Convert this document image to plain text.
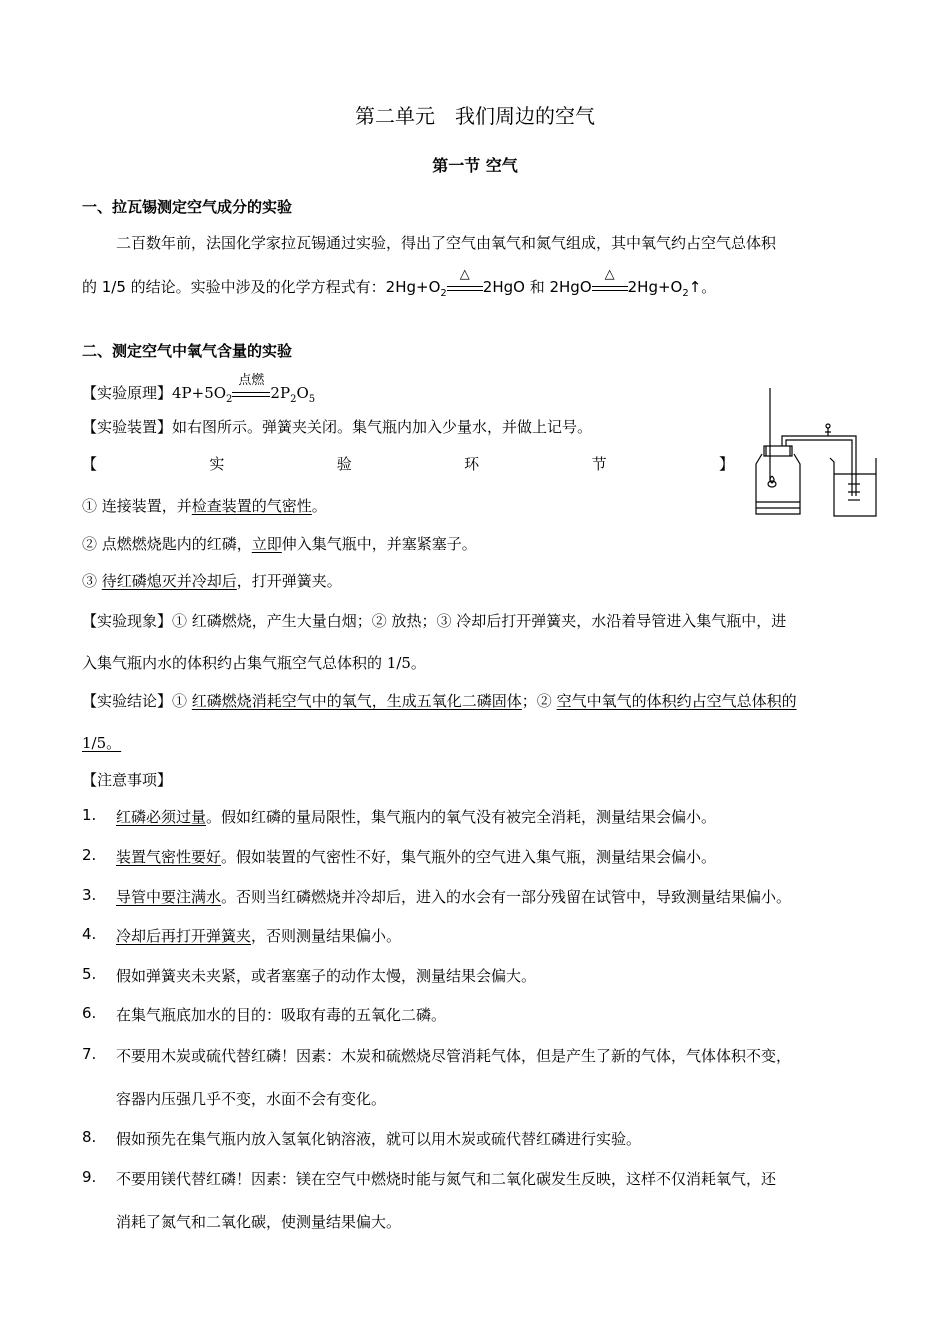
第二单元　我们周边的空气
第一节 空气
一、拉瓦锡测定空气成分的实验
二百数年前，法国化学家拉瓦锡通过实验，得出了空气由氧气和氮气组成，其中氧气约占空气总体积
的 1/5 的结论。实验中涉及的化学方程式有：$2Hg+O_2$
△
2HgO 和 2HgO
△
$2Hg+O_2↑$。
二、测定空气中氧气含量的实验
【实验原理】$4P+5O_2$
点燃
$2P_2O_5$
【实验装置】如右图所示。弹簧夹关闭。集气瓶内加入少量水，并做上记号。
【	实	验	环	节	】
① 连接装置，并检查装置的气密性。
② 点燃燃烧匙内的红磷，立即伸入集气瓶中，并塞紧塞子。
③ 待红磷熄灭并冷却后，打开弹簧夹。
【实验现象】① 红磷燃烧，产生大量白烟；② 放热；③ 冷却后打开弹簧夹，水沿着导管进入集气瓶中，进
入集气瓶内水的体积约占集气瓶空气总体积的 1/5。
【实验结论】① 红磷燃烧消耗空气中的氧气，生成五氧化二磷固体；② 空气中氧气的体积约占空气总体积的
1/5。
【注意事项】
1.	红磷必须过量。假如红磷的量局限性，集气瓶内的氧气没有被完全消耗，测量结果会偏小。
2.	装置气密性要好。假如装置的气密性不好，集气瓶外的空气进入集气瓶，测量结果会偏小。
3.	导管中要注满水。否则当红磷燃烧并冷却后，进入的水会有一部分残留在试管中，导致测量结果偏小。
4.	冷却后再打开弹簧夹，否则测量结果偏小。
5.	假如弹簧夹未夹紧，或者塞塞子的动作太慢，测量结果会偏大。
6.	在集气瓶底加水的目的：吸取有毒的五氧化二磷。
7.	不要用木炭或硫代替红磷！因素：木炭和硫燃烧尽管消耗气体，但是产生了新的气体，气体体积不变，
容器内压强几乎不变，水面不会有变化。
8.	假如预先在集气瓶内放入氢氧化钠溶液，就可以用木炭或硫代替红磷进行实验。
9.	不要用镁代替红磷！因素：镁在空气中燃烧时能与氮气和二氧化碳发生反映，这样不仅消耗氧气，还
消耗了氮气和二氧化碳，使测量结果偏大。
